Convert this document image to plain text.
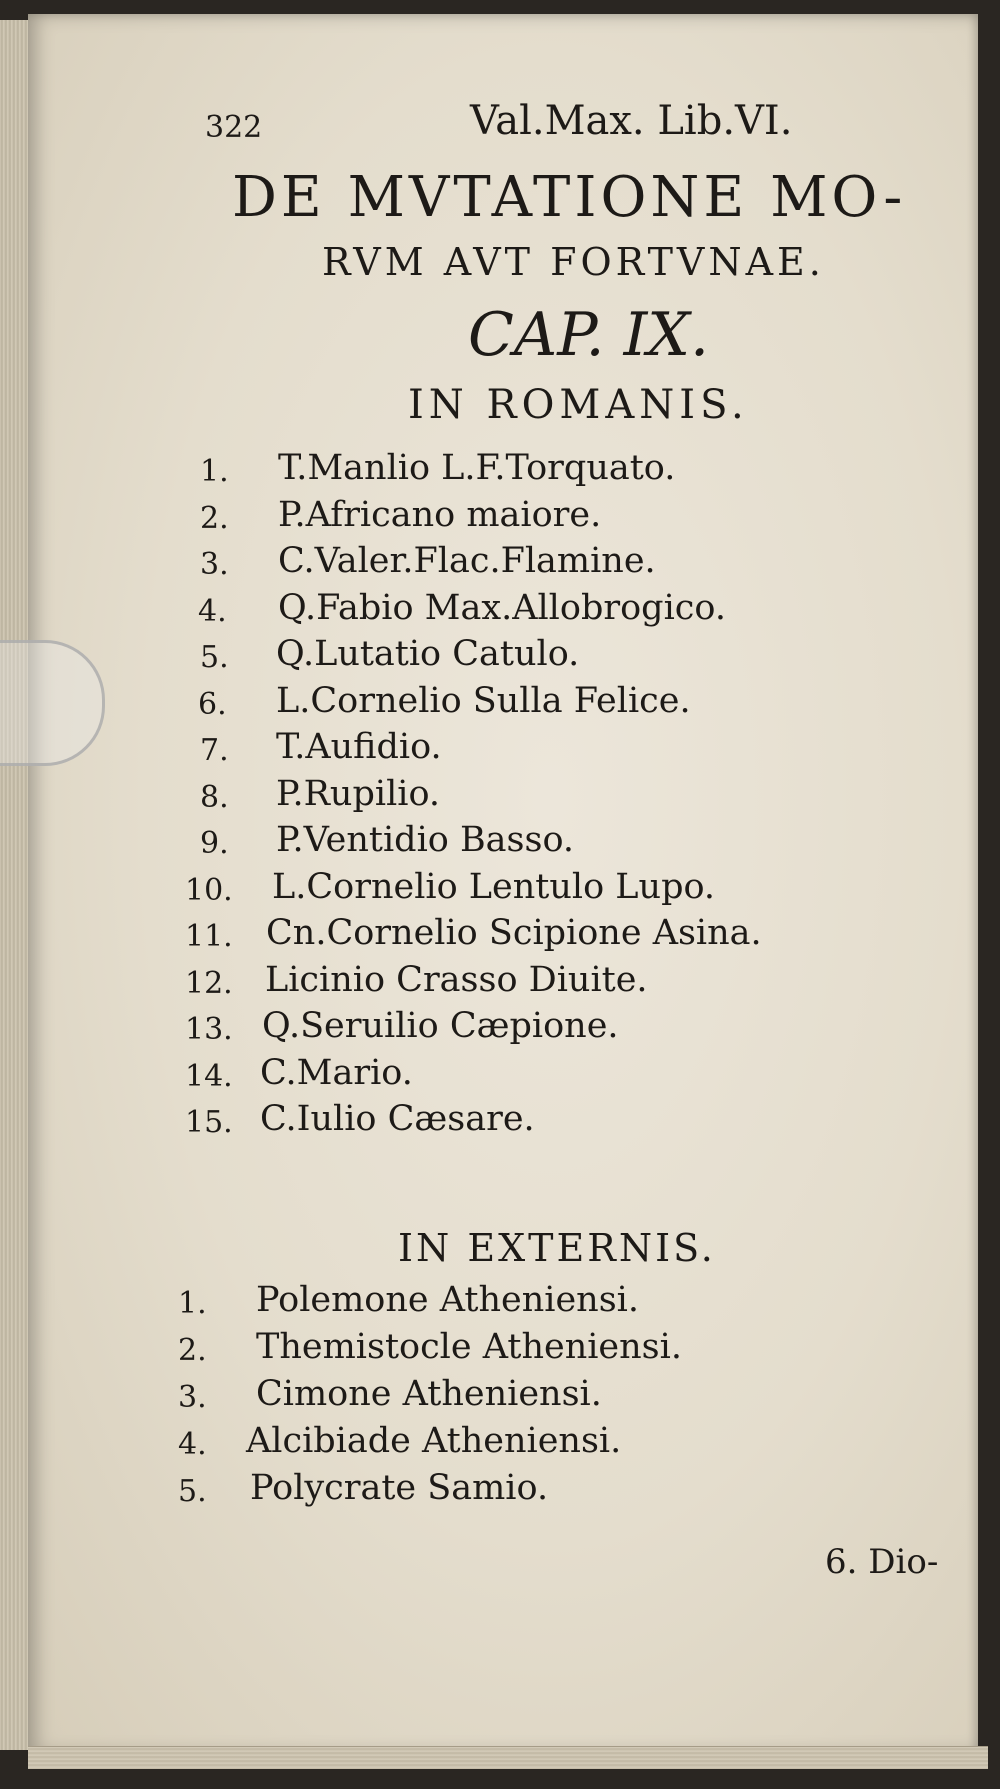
322	Val.Max. Lib.VI.
DE MVTATIONE MO-
RVM AVT FORTVNAE.
CAP. IX.
IN ROMANIS.
1. T.Manlio L.F.Torquato.
2. P.Africano maiore.
3. C.Valer.Flac.Flamine.
4. Q.Fabio Max.Allobrogico.
5. Q.Lutatio Catulo.
6. L.Cornelio Sulla Felice.
7. T.Aufidio.
8. P.Rupilio.
9. P.Ventidio Basso.
10. L.Cornelio Lentulo Lupo.
11. Cn.Cornelio Scipione Asina.
12. Licinio Crasso Diuite.
13. Q.Seruilio Cæpione.
14. C.Mario.
15. C.Iulio Cæsare.
IN EXTERNIS.
1. Polemone Atheniensi.
2. Themistocle Atheniensi.
3. Cimone Atheniensi.
4. Alcibiade Atheniensi.
5. Polycrate Samio.
6. Dio-
